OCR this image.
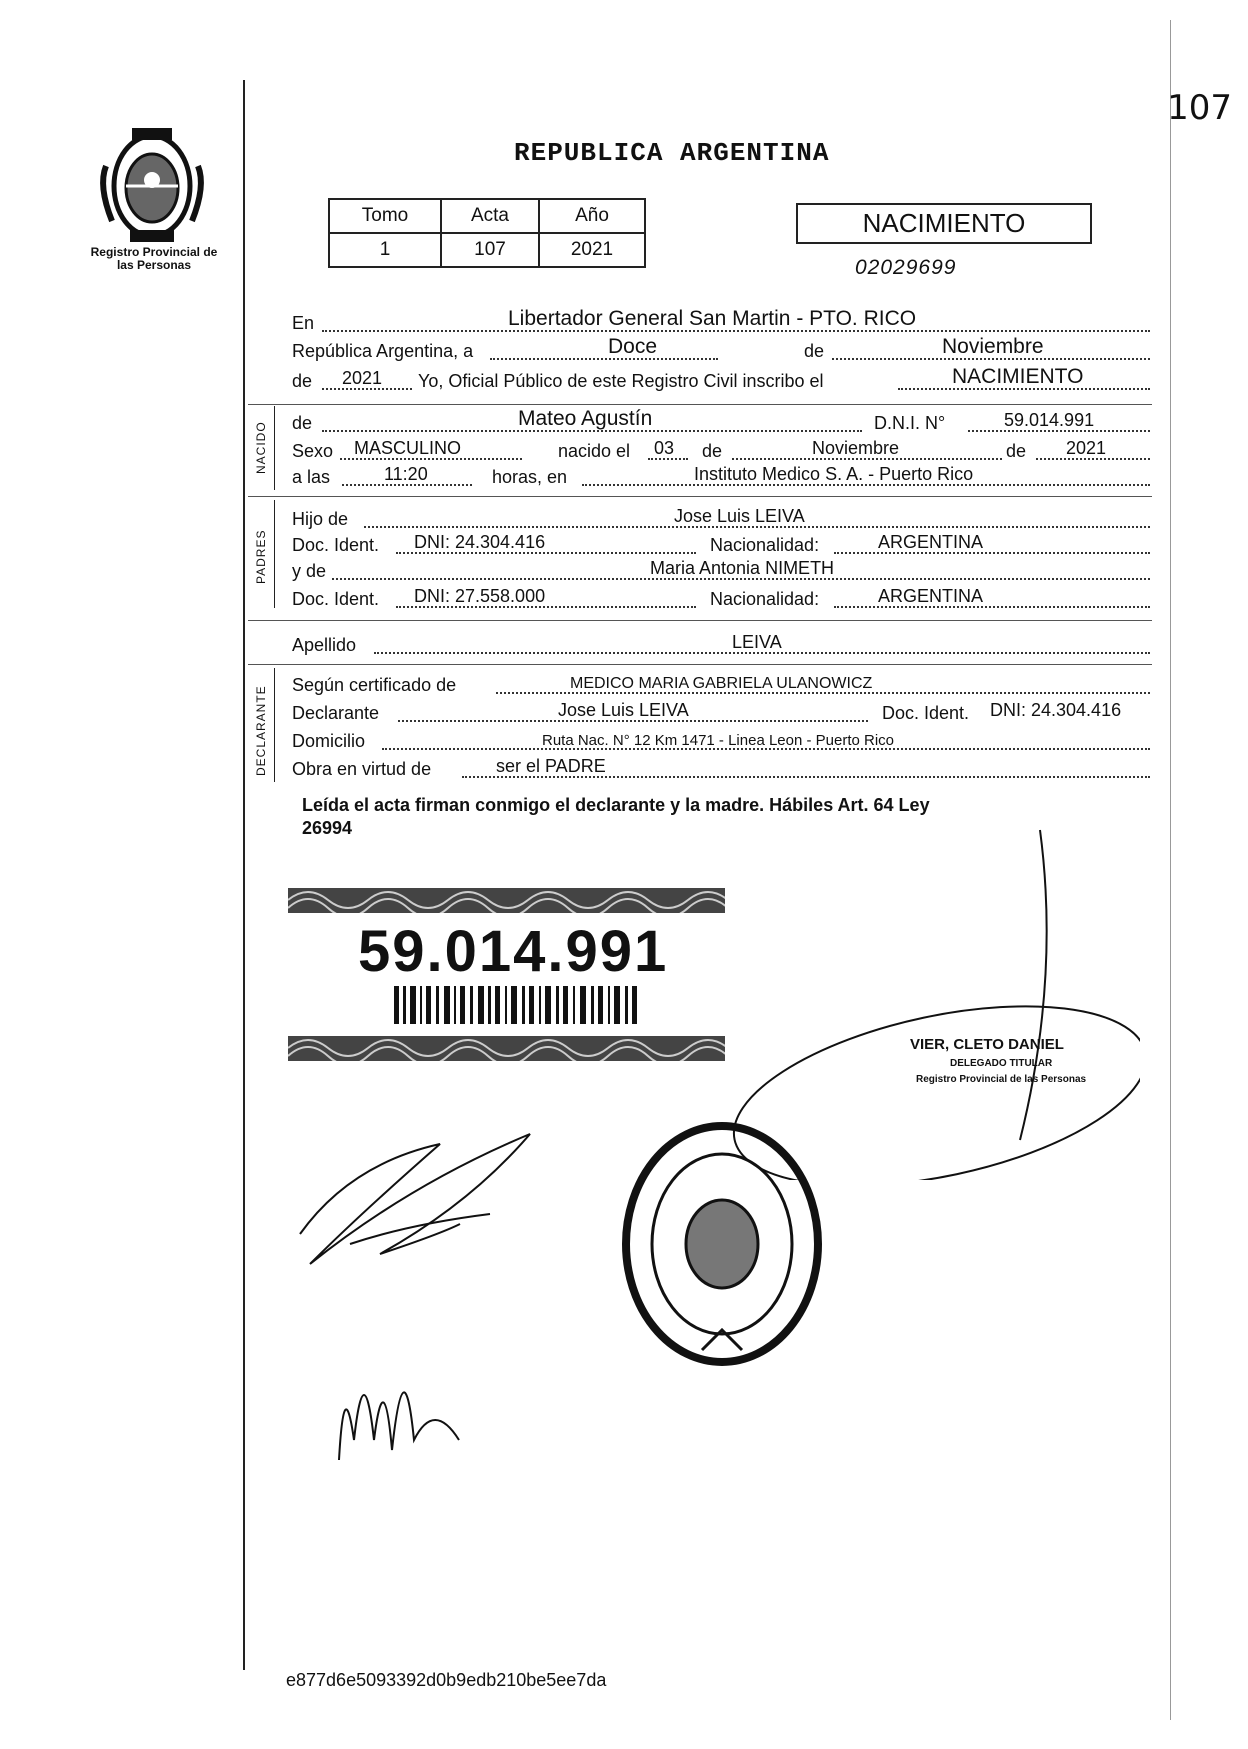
107
Registro Provincial de las Personas
REPUBLICA ARGENTINA
Tomo	Acta	Año
1	107	2021
NACIMIENTO
02029699
En	Libertador General San Martin - PTO. RICO
República Argentina, a	Doce	de	Noviembre
de 2021 Yo, Oficial Público de este Registro Civil inscribo el	NACIMIENTO
NACIDO de	Mateo Agustín	D.N.I. N°	59.014.991
Sexo MASCULINO	nacido el 03 de	Noviembre	de 2021
a las	11:20	horas, en	Instituto Medico S. A. - Puerto Rico
PADRES
Hijo de	Jose Luis LEIVA
Doc. Ident. DNI: 24.304.416	Nacionalidad:	ARGENTINA
y de	Maria Antonia NIMETH
Doc. Ident. DNI: 27.558.000	Nacionalidad:	ARGENTINA
Apellido	LEIVA
DECLARANTE
Según certificado de	MEDICO MARIA GABRIELA ULANOWICZ
Declarante	Jose Luis LEIVA	Doc. Ident. DNI: 24.304.416
Domicilio	Ruta Nac. N° 12 Km 1471 - Linea Leon - Puerto Rico
Obra en virtud de	ser el PADRE
Leída el acta firman conmigo el declarante y la madre. Hábiles Art. 64 Ley 26994
59.014.991
VIER, CLETO DANIEL
DELEGADO TITULAR
Registro Provincial de las Personas
e877d6e5093392d0b9edb210be5ee7da
